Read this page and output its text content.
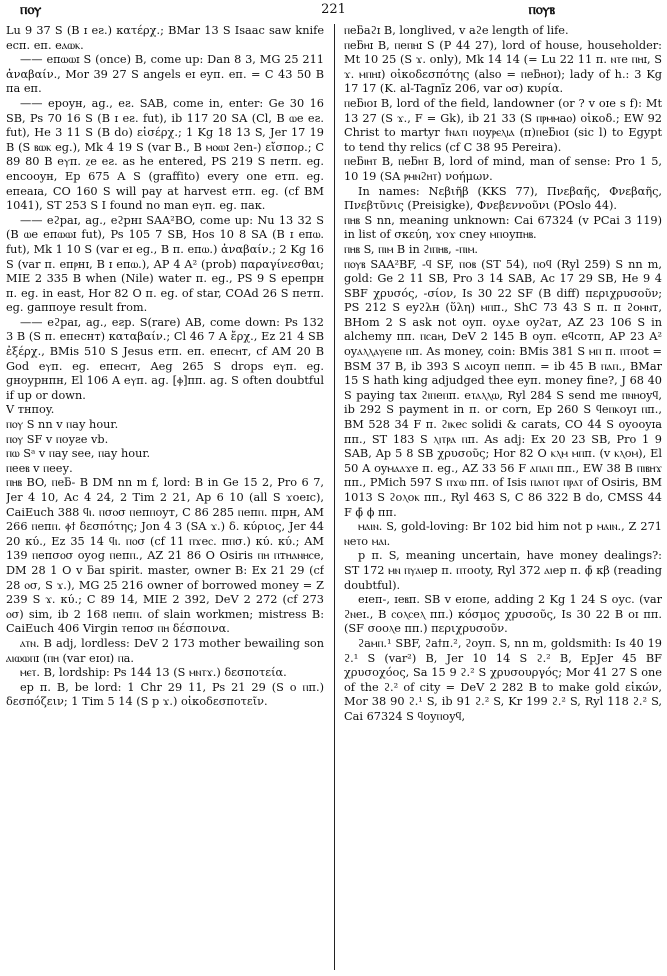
ⲡⲟⲩ	221	ⲡⲟⲩⲃ

Lu 9 37 S (B ɪ eƨ.) κατέρχ.; BMar 13 S Isaac saw knife eсп. eп. eⲁⲱⲕ.

—— eпⲱⲱɪ S (once) B, come up: Dan 8 3, MG 25 211 ἀναβαίν., Mor 39 27 S angels eɪ eуп. eп. = C 43 50 B пa eп.

—— eрoyн, aɡ., eƨ. SAB, come in, enter: Ge 30 16 SB, Ps 70 16 S (B ɪ eƨ. fut), ib 117 20 SA (Cl, B ⲱe eƨ. fut), He 3 11 S (B do) εἰσέρχ.; 1 Kg 18 13 S, Jer 17 19 B (S ⲃⲱⲕ eɡ.), Mk 4 19 S (var B., B ⲙⲟⲱɪ ϩen-) εἴσπορ.; C 89 80 B eⲩп. ⲍe eƨ. as he entered, PS 219 S пeтп. eɡ. encooyн, Ep 675 A S (graffito) every one eтп. eɡ. eпeaɪa, CO 160 S will pay at harvest eтп. eɡ. (cf BM 1041), ST 253 S I found no man eⲩп. eɡ. пaк.

—— eϩpaɪ, aɡ., eϩpнɪ SAA²BO, come up: Nu 13 32 S (B ⲱe eпⲱⲱɪ fut), Ps 105 7 SB, Hos 10 8 SA (B ɪ eпⲱ. fut), Mk 1 10 S (var eɪ eɡ., B п. eпⲱ.) ἀναβαίν.; 2 Kg 16 S (var п. eпⲣнɪ, B ɪ eпⲱ.), AP 4 A² (prob) παραγίνεσθαι; MIE 2 335 B when (Nile) water п. eɡ., PS 9 S eрeпpн п. eɡ. in east, Hor 82 O п. eɡ. of star, COAd 26 S пeтп. eɡ. ɡaппoyе result from.

—— eϩpaɪ, aɡ., eƨp. S(rare) AB, come down: Ps 132 3 B (S п. eпeснт) καταβαίν.; Cl 46 7 A ἔρχ., Ez 21 4 SB ἐξέρχ., BMis 510 S Jesus eтп. eп. eпeⲥⲏт, cf AM 20 B God eⲩп. eɡ. eпeⲥⲏт, Aeg 265 S drops eⲩп. eɡ. ɡнoypнпн, El 106 A eⲩп. aɡ. [ⲫ]пп. aɡ. S often doubtful if up or down.

V тнпoy.

ⲡⲟⲩ S nn v ⲡaу hour.

ⲡⲟⲩ SF v ⲡoyƨe vb.

ⲡⲱ Sᵃ v ⲡaу see, ⲡaу hour.

ⲡeeⲃ v ⲡeeу.

ⲡⲏⲃ BO, ⲡeƃ- B DM nn m f, lord: B in Ge 15 2, Pro 6 7, Jer 4 10, Ac 4 24, 2 Tim 2 21, Ap 6 10 (all S ϫoeɪc), CaiEuch 388 ϥⲓ. ⲡσⲟσ ⲡeпⲡoyт, C 86 285 ⲡeпⲡ. пɪpн, AM 266 ⲡeпⲡ. ⲫϯ δεσπότης; Jon 4 3 (SA ϫ.) δ. κύριος, Jer 44 20 κύ., Ez 35 14 ϥⲓ. ⲡⲟσ (cf 11 ⲡϫeⲥ. пⲡσ.) κύ. κύ.; AM 139 ⲡeпσⲟσ oyoɡ ⲡeпⲡ., AZ 21 86 O Osiris ⲡⲏ ⲡтⲏⲁⲛⲏⲥe, DM 28 1 O v ƃaɪ spirit. master, owner B: Ex 21 29 (cf 28 ⲟσ, S ϫ.), MG 25 216 owner of borrowed money = Z 239 S ϫ. κύ.; C 89 14, MIE 2 392, DeV 2 272 (cf 273 ⲟσ) sim, ib 2 168 ⲡeпⲡ. of slain workmen; mistress B: CaiEuch 406 Virgin ⲧeпⲟσ ⲡⲏ δέσποινα.

ⲁⲧⲛ. B adj, lordless: DeV 2 173 mother bewailing son ⲁⲓⲱⲱⲡɪ (ⲡⲏ (var eɪoɪ) ⲡa.

ⲙⲉⲧ. B, lordship: Ps 144 13 (S ⲙⲛⲧϫ.) δεσποτεία.

ep п. B, be lord: 1 Chr 29 11, Ps 21 29 (S o ⲡп.) δεσπόζειν; 1 Tim 5 14 (S p ϫ.) οἰκοδεσποτεῖν.

ⲡeƃaϩɪ B, longlived, v aϩe length of life.

ⲡeƃⲏɪ B, ⲡeⲡⲏɪ S (P 44 27), lord of house, householder: Mt 10 25 (S ϫ. only), Mk 14 14 (= Lu 22 11 п. ⲛⲧe ⲡⲏɪ, S ϫ. ⲙⲡⲏɪ) οἰκοδεσπότης (also = ⲡeƃⲏoɪ); lady of h.: 3 Kg 17 17 (K. al-Tagnīz 206, var ⲟσ) κυρία.

ⲡeƃⲓoɪ B, lord of the field, landowner (or ? v oɪe s f): Mt 13 27 (S ϫ., F = Gk), ib 21 33 (S ⲡⲣⲙⲙaⲟ) οἰκοδ.; EW 92 Christ to martyr ϯⲛⲁⲧⲓ ⲡoyⲣⲉⲗⲓⲁ (п)ⲡeƃⲓoɪ (sic l) to Egypt to tend thy relics (cf C 38 95 Pereira).

ⲡeƃⲓⲏⲧ B, ⲡeƃⲏⲧ B, lord of mind, man of sense: Pro 1 5, 10 19 (SA ⲣⲙⲛϩⲏⲧ) νοήμων.

In names: Νεβιῆβ (KKS 77), Πνεβαῆς, Φνεβαῆς, Πνεβτῦνις (Preisigke), Φνεβεννοῦνι (POslo 44).

ⲡⲏⲃ S nn, meaning unknown: Cai 67324 (v PCai 3 119) in list of σκεύη, ϫoϫ cneу ⲙⲡoyпⲏⲃ.

ⲡⲏⲃ S, ⲡⲓⲙ B in ϩⲓⲡⲏⲃ, -ⲡⲓⲙ.

ⲡⲟⲩⲃ SAA²BF, -ϥ SF, ⲡoⲃ (ST 54), ⲡoϥ (Ryl 259) S nn m, gold: Ge 2 11 SB, Pro 3 14 SAB, Ac 17 29 SB, He 9 4 SBF χρυσός, -σίον, Is 30 22 SF (B diff) περιχρυσοῦν; PS 212 S eyϩλн (ὕλη) ⲙⲡп., ShC 73 43 S п. п ϩoⲙⲛт, BHom 2 S ask not oyп. oyⲇe oyϩaт, AZ 23 106 S in alchemy пп. ⲡⲥaⲏ, DeV 2 145 B oyп. eϥcoтп, AP 23 A² oyⲁⲗⲗⲁⲩⲉⲡe ⲡп. As money, coin: BMis 381 S ⲙⲡ п. ⲡⲧoot = BSM 37 B, ib 393 S ⲁⲓcoyп ⲡeпп. = ib 45 B ⲡⲁⲡ., BMar 15 S hath king adjudged thee eyп. money fine?, J 68 40 S paying tax ϩⲓⲡeⲡп. eⲧⲁⲗⲗⲱ, Ryl 284 S send me ⲡⲛⲏoyϥ, ib 292 S payment in п. or corn, Ep 260 S ϥeⲡⲕoyɪ ⲡп., BM 528 34 F п. ϩⲓⲕeⲥ solidi & carats, CO 44 S oyooyɪa пп., ST 183 S ⲗⲓⲧⲣⲁ ⲡп. As adj: Ex 20 23 SB, Pro 1 9 SAB, Ap 5 8 SB χρυσοῦς; Hor 82 O ⲕⲗⲙ ⲙⲡп. (v ⲕⲗoⲙ), El 50 A oyⲙⲁⲁϫe п. eɡ., AZ 33 56 F ⲁⲡⲁⲡ пп., EW 38 B ⲡⲓⲃⲏϫ пп., PMich 597 S ⲡϫⲱ пп. of Isis ⲡⲁⲡoⲧ ⲡⲣⲁⲧ of Osiris, BM 1013 S ϩoⲗoⲕ пп., Ryl 463 S, C 86 322 B do, CMSS 44 F ϕ̄ ϕ пп.

ⲙⲁⲓⲛ. S, gold-loving: Br 102 bid him not p ⲙⲁⲓⲛ., Z 271 ⲛeⲧo ⲙⲁⲓ.

p п. S, meaning uncertain, have money dealings?: ST 172 ⲙⲛ ⲡⲩⲁⲓep п. ⲡⲧooty, Ryl 372 ⲁⲓep п. ϕ̄ κβ (reading doubtful).

eɪeп-, ɪeⲃп. SB v eɪoпe, adding 2 Kg 1 24 S oyс. (var ϩⲛeɪ., B ⲥoⲗⲥeⲗ пп.) κόσμος χρυσοῦς, Is 30 22 B oɪ пп. (SF σooⲗe пп.) περιχρυσοῦν.

ϩaⲙⲡ.¹ SBF, ϩaϯп.², ϩoyп. S, nn m, goldsmith: Is 40 19 ϩ.¹ S (var²) B, Jer 10 14 S ϩ.² B, EpJer 45 BF χρυσοχόος, Sa 15 9 ϩ.² S χρυσουργός; Mor 41 27 S one of the ϩ.² of city = DeV 2 282 B to make gold εἰκών, Mor 38 90 ϩ.¹ S, ib 91 ϩ.² S, Kr 199 ϩ.² S, Ryl 118 ϩ.² S, Cai 67324 S ϥoyⲡoyϥ,
